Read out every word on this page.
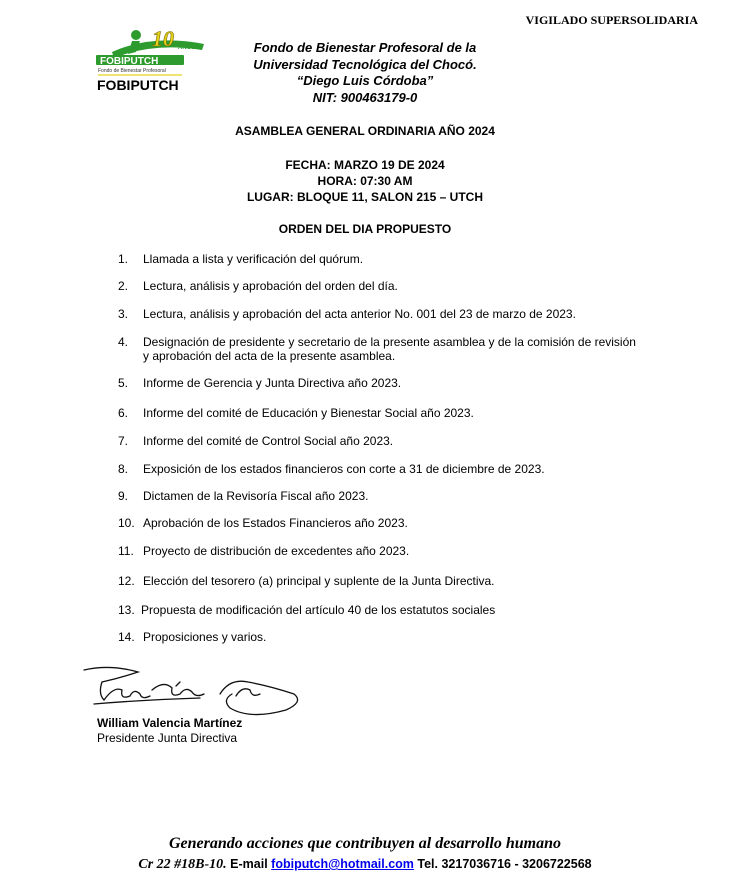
VIGILADO SUPERSOLIDARIA
10 AÑOS
FOBIPUTCH
Fondo de Bienestar Profesoral
FOBIPUTCH
Fondo de Bienestar Profesoral de la
Universidad Tecnológica del Chocó.
“Diego Luis Córdoba”
NIT: 900463179-0
ASAMBLEA GENERAL ORDINARIA AÑO 2024
FECHA: MARZO 19 DE 2024
HORA: 07:30 AM
LUGAR: BLOQUE 11, SALON 215 – UTCH
ORDEN DEL DIA PROPUESTO
1.	Llamada a lista y verificación del quórum.
2.	Lectura, análisis y aprobación del orden del día.
3.	Lectura, análisis y aprobación del acta anterior No. 001 del 23 de marzo de 2023.
4.	Designación de presidente y secretario de la presente asamblea y de la comisión de revisión y aprobación del acta de la presente asamblea.
5.	Informe de Gerencia y Junta Directiva año 2023.
6.	Informe del comité de Educación y Bienestar Social año 2023.
7.	Informe del comité de Control Social año 2023.
8.	Exposición de los estados financieros con corte a 31 de diciembre de 2023.
9.	Dictamen de la Revisoría Fiscal año 2023.
10. Aprobación de los Estados Financieros año 2023.
11. Proyecto de distribución de excedentes año 2023.
12. Elección del tesorero (a) principal y suplente de la Junta Directiva.
13. Propuesta de modificación del artículo 40 de los estatutos sociales
14. Proposiciones y varios.
William Valencia Martínez
Presidente Junta Directiva
Generando acciones que contribuyen al desarrollo humano
Cr 22 #18B-10. E-mail fobiputch@hotmail.com Tel. 3217036716 - 3206722568
